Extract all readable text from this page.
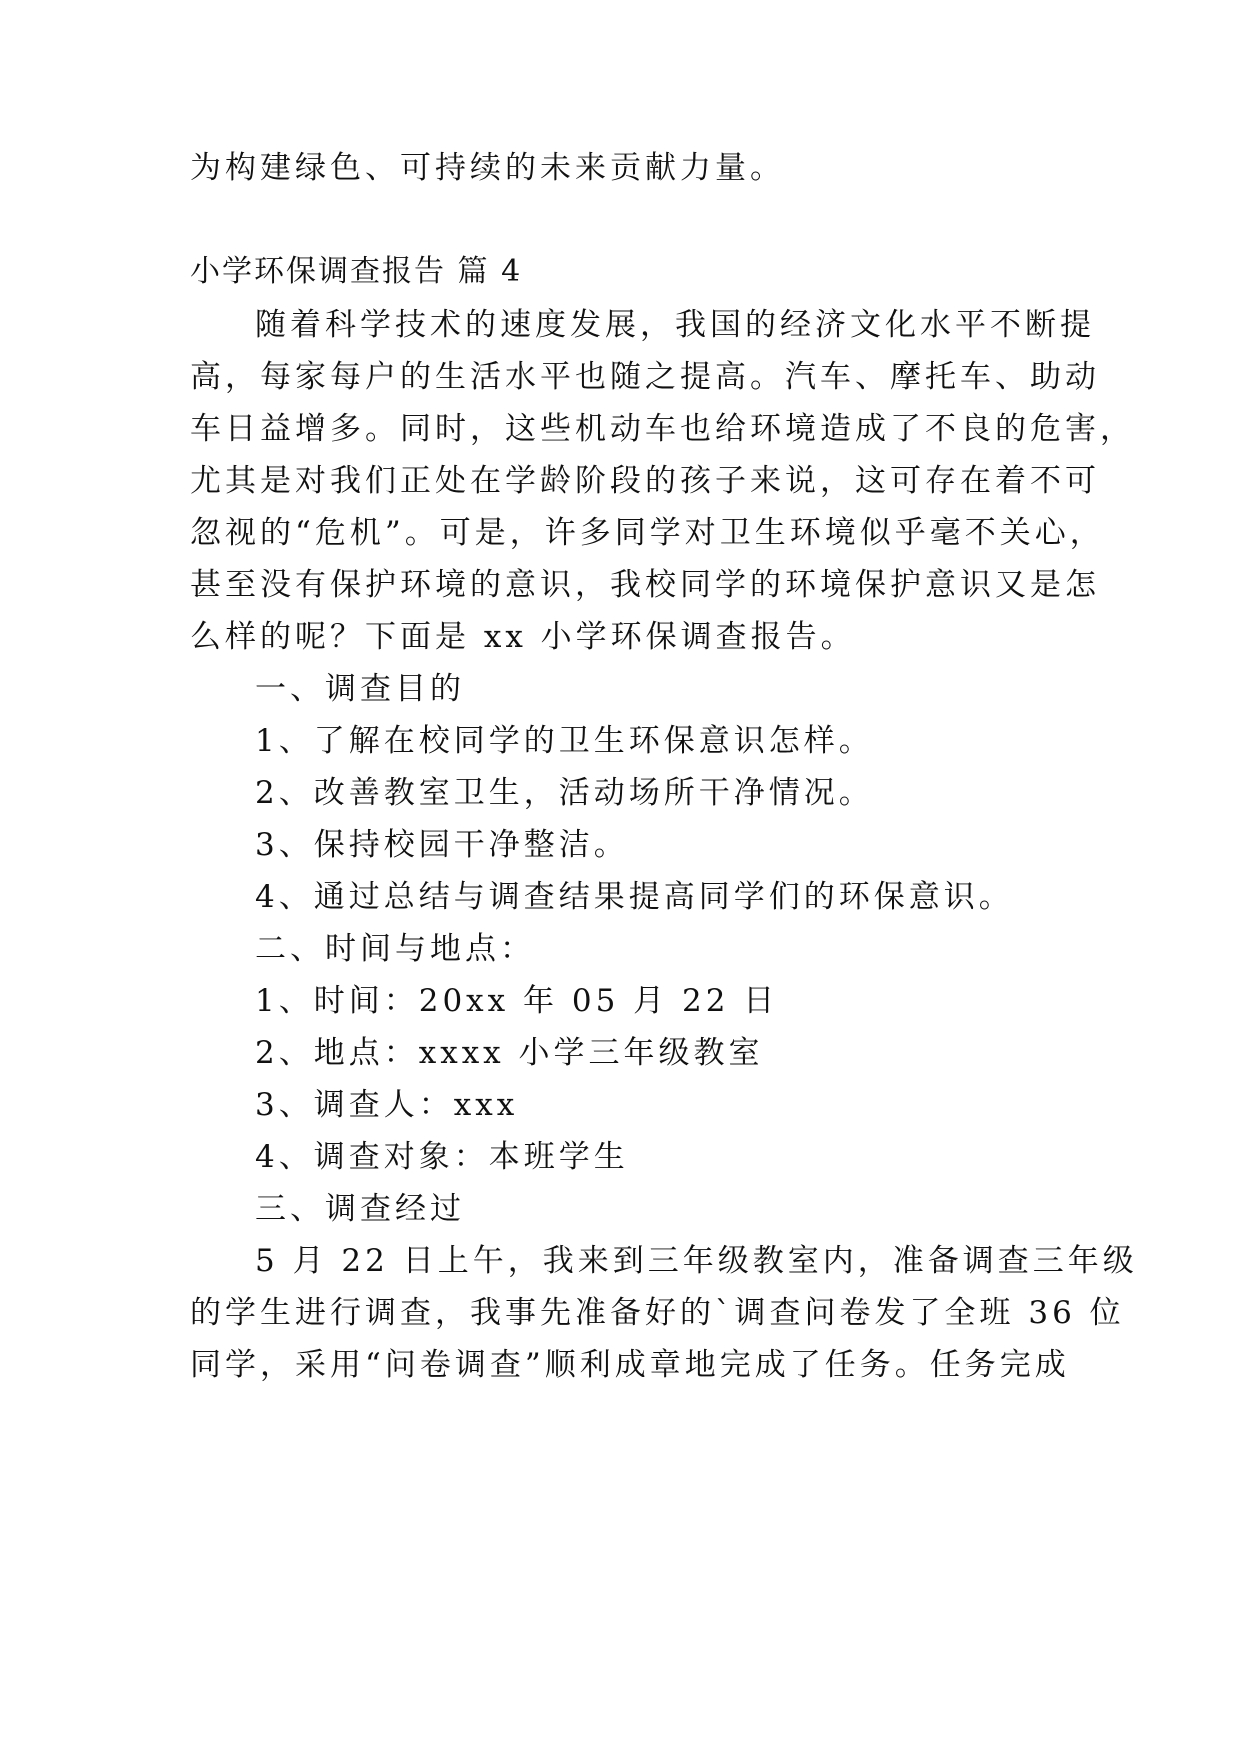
为构建绿色、可持续的未来贡献力量。
小学环保调查报告 篇 4
随着科学技术的速度发展，我国的经济文化水平不断提
高，每家每户的生活水平也随之提高。汽车、摩托车、助动
车日益增多。同时，这些机动车也给环境造成了不良的危害，
尤其是对我们正处在学龄阶段的孩子来说，这可存在着不可
忽视的“危机”。可是，许多同学对卫生环境似乎毫不关心，
甚至没有保护环境的意识，我校同学的环境保护意识又是怎
么样的呢？下面是 xx 小学环保调查报告。
一、调查目的
1、了解在校同学的卫生环保意识怎样。
2、改善教室卫生，活动场所干净情况。
3、保持校园干净整洁。
4、通过总结与调查结果提高同学们的环保意识。
二、时间与地点：
1、时间：20xx 年 05 月 22 日
2、地点：xxxx 小学三年级教室
3、调查人：xxx
4、调查对象：本班学生
三、调查经过
5 月 22 日上午，我来到三年级教室内，准备调查三年级
的学生进行调查，我事先准备好的`调查问卷发了全班 36 位
同学，采用“问卷调查”顺利成章地完成了任务。任务完成
